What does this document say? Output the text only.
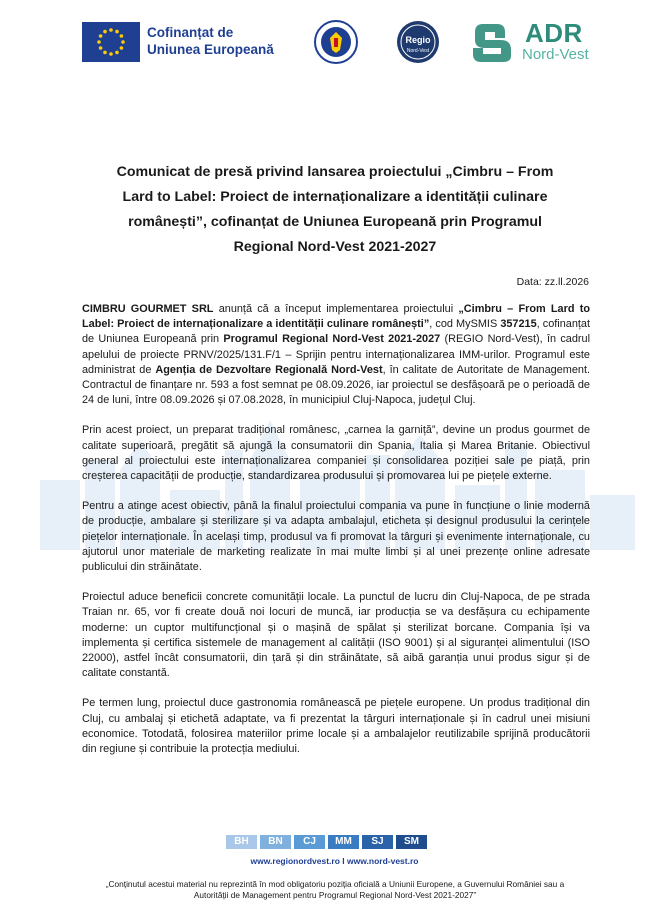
Cofinanțat de
Uniunea Europeană
Regio
Nord-Vest
ADR
Nord-Vest
Comunicat de presă privind lansarea proiectului „Cimbru – From
Lard to Label: Proiect de internaționalizare a identității culinare
românești”, cofinanțat de Uniunea Europeană prin Programul
Regional Nord-Vest 2021-2027
Data: zz.ll.2026

CIMBRU GOURMET SRL anunță că a început implementarea proiectului „Cimbru – From Lard to Label: Proiect de internaționalizare a identității culinare românești”, cod MySMIS 357215, cofinanțat de Uniunea Europeană prin Programul Regional Nord-Vest 2021-2027 (REGIO Nord-Vest), în cadrul apelului de proiecte PRNV/2025/131.F/1 – Sprijin pentru internaționalizarea IMM-urilor. Programul este administrat de Agenția de Dezvoltare Regională Nord-Vest, în calitate de Autoritate de Management. Contractul de finanțare nr. 593 a fost semnat pe 08.09.2026, iar proiectul se desfășoară pe o perioadă de 24 de luni, între 08.09.2026 și 07.08.2028, în municipiul Cluj-Napoca, județul Cluj.

Prin acest proiect, un preparat tradițional românesc, „carnea la garniță”, devine un produs gourmet de calitate superioară, pregătit să ajungă la consumatorii din Spania, Italia și Marea Britanie. Obiectivul general al proiectului este internaționalizarea companiei și consolidarea poziției sale pe piață, prin creșterea capacității de producție, standardizarea produsului și promovarea lui pe piețele externe.

Pentru a atinge acest obiectiv, până la finalul proiectului compania va pune în funcțiune o linie modernă de producție, ambalare și sterilizare și va adapta ambalajul, eticheta și designul produsului la cerințele piețelor internaționale. În același timp, produsul va fi promovat la târguri și evenimente internaționale, cu ajutorul unor materiale de marketing realizate în mai multe limbi și al unei prezențe online adresate publicului din străinătate.

Proiectul aduce beneficii concrete comunității locale. La punctul de lucru din Cluj-Napoca, de pe strada Traian nr. 65, vor fi create două noi locuri de muncă, iar producția se va desfășura cu echipamente moderne: un cuptor multifuncțional și o mașină de spălat și sterilizat borcane. Compania își va implementa și certifica sistemele de management al calității (ISO 9001) și al siguranței alimentului (ISO 22000), astfel încât consumatorii, din țară și din străinătate, să aibă garanția unui produs sigur și de calitate constantă.

Pe termen lung, proiectul duce gastronomia românească pe piețele europene. Un produs tradițional din Cluj, cu ambalaj și etichetă adaptate, va fi prezentat la târguri internaționale și în cadrul unei misiuni economice. Totodată, folosirea materiilor prime locale și a ambalajelor reutilizabile sprijină producătorii din regiune și contribuie la protecția mediului.

BH	BN	CJ	MM	SJ	SM
www.regionordvest.ro I www.nord-vest.ro
„Conținutul acestui material nu reprezintă în mod obligatoriu poziția oficială a Uniunii Europene, a Guvernului României sau a Autorității de Management pentru Programul Regional Nord-Vest 2021-2027”
